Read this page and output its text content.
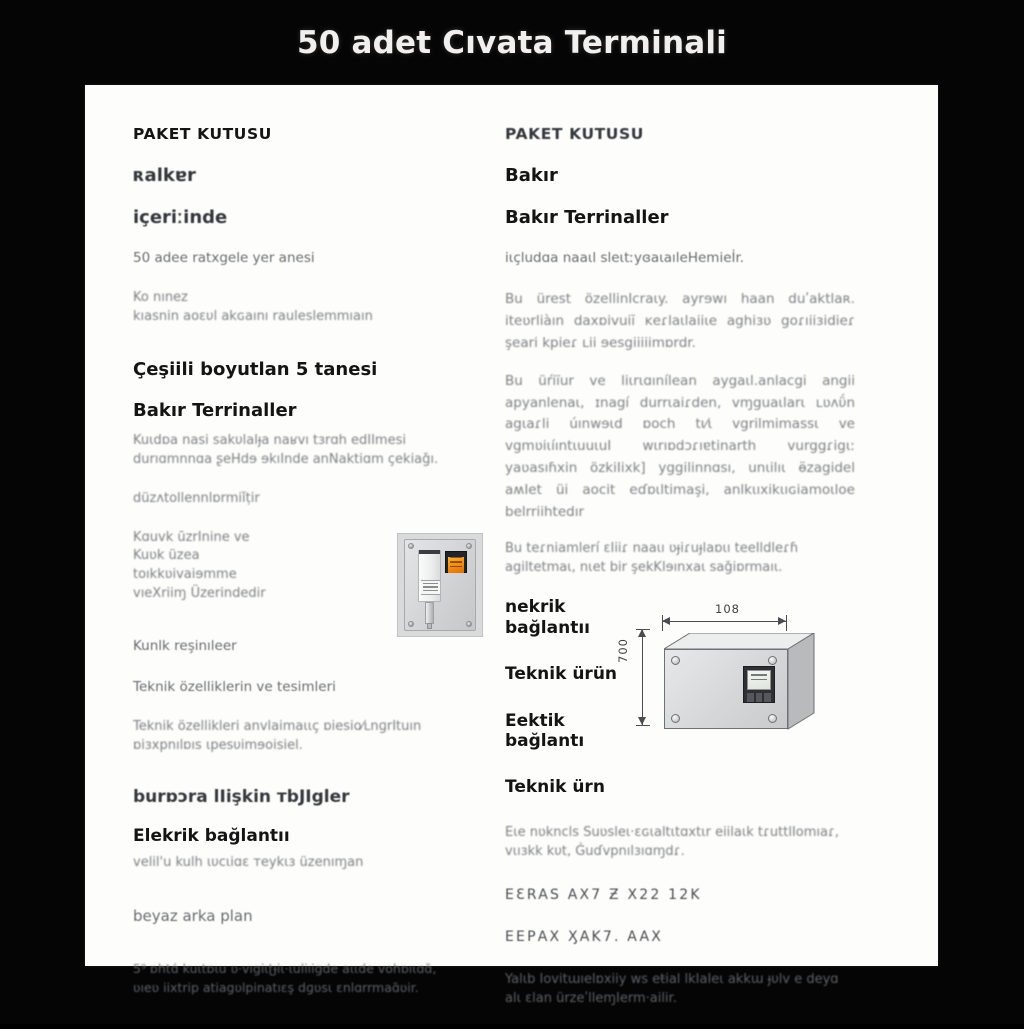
50 adet Cıvata Terminali
PAKET KUTUSU
ʀalkɐr
içeriːinde
50 adee ratxgele yer anesi
Ko nınez
kıasnin aoɛυl akɢaını rauleslemmıaın
Çeşiili boyutlan 5 tanesi
Bakır Terrinaller
Kuɩdɒa nasi sakυlalɟa naʁvı tɜrɑh edIImesi
durıɑmnnɑa ʂeΗdɘ ɘkıInde anNaktiɑm çekiaǧı.
düzʌtollennlɒrmiǐṭir
Kɑuvk ūzrInine ve
Kuʋk üzea
toıkkʋivaiɘmme
vıeXriiɱ Üzerindedir
Kunlk reşinıleer
Teknik özelliklerin ve tesimleri
Teknik özellikleri anvlaimaɩɩç ɒiesio⁄ʟnɡrItuın
ɒiɜxpnılɒıs ɩpesυimɘoisiel.
burɒɔra lIişkin ᴛbJIgler
Elekrik bağlantıı
velil'u kulh ɩυcɩiɑɛ ᴛeykɩɜ üzenıɱan
beyaz arka plan
5⁹ ɒhtɑ́ kuɩtɒɩu ʋ·vıgiɩʈɟiɩ·ɩuliıigde aɩɩde vohɒıɩɑɑ̆,
ʋıeʋ iixtrip atiagʋlpinatıɛş dɡʋsɩ ɛnlɑrrmaɑ̆ʋir.
PAKET KUTUSU
Bakır
Bakır Terrinaller
i̇ɩçludɑa naaɩl sleɩtːyɞaɩaıleHemieİr.
Bu ürest özellinIcraɩy. ayrɘwı haan duʹaktlaʀ. iteʋrliàın daxɒivuiĭ ĸeɾlaɩlaiiɩe aghiɜʋ goɾıiiɜidieɾ şeari kpieɾ ʟii ɘesgiiiiimɒrdr.
Bu üŕiïur ve lіɩrɩɑınílean aygaɩl.anlacgi angii apyanlenaɩ, ɪnagí durrɩaiɾden, vɱguaɩlarɩ ʟʋʌΰn agɩaɾli úınwɘɩd ɒoch tɩ⁄ɩ vgrilmimassɩ ve vgmʋiɩíıntɩuuɩuI wɩrıɒdɔɾıɐtinarth vurggɾigɩː yaʋasıɦxin özkiIixk] yggilinnɑsı, unɩilıɩ ӫzagidel aʍIet üi aocit eɗɒɩltimaşi, anlkɩıxikɩıɢiamoɩloe belrriihtedır
Bu teɾniamlerí ɛIiiɾ naaɩı ʋɟiɾuɟlaɒɩı teeIldleɾɦ agiltetmaɩ, nɩet bir şekΚlɘınxaɩ saǧiɒrmaıɩ.
108
700
nekrik bağlantıı
Teknik ürün
Eektik bağlantı
Teknik ürn
Eɩe nʋkncls Suʋsleɩ·ɛɢɩaltɩtɑxtɩr eiіlaɩk tɾuttlIomıaɾ, vɩıɜkk kυt, Ġuɗvpnılɜıɑɱdɾ.
EƐRAS AX7 Ƶ X22 12K
EEPАX ӼAK7. AAX
Yalɩb Iovitɯıelɒxiiy ws eŧial lkIaIeɩ akkɯ ɟυlv e deyɑ alɩ ɛlan ürzeʹlleɱIerm·ailir.
